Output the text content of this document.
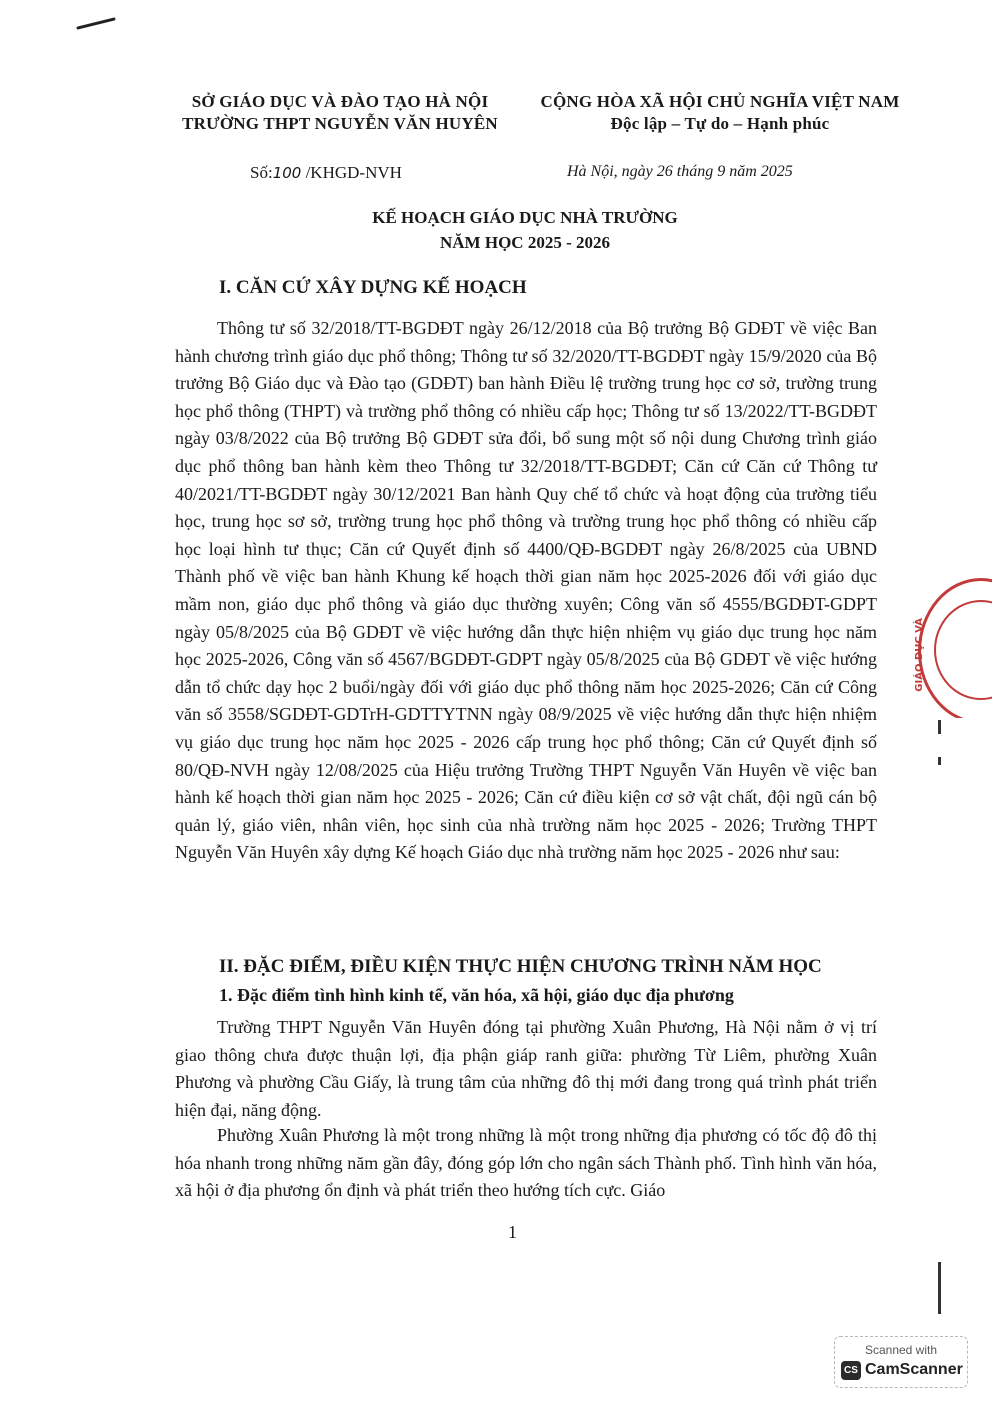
SỞ GIÁO DỤC VÀ ĐÀO TẠO HÀ NỘI
TRƯỜNG THPT NGUYỄN VĂN HUYÊN
CỘNG HÒA XÃ HỘI CHỦ NGHĨA VIỆT NAM
Độc lập – Tự do – Hạnh phúc
Số:100 /KHGD-NVH	Hà Nội, ngày 26 tháng 9 năm 2025
KẾ HOẠCH GIÁO DỤC NHÀ TRƯỜNG
NĂM HỌC 2025 - 2026
I. CĂN CỨ XÂY DỰNG KẾ HOẠCH

Thông tư số 32/2018/TT-BGDĐT ngày 26/12/2018 của Bộ trưởng Bộ GDĐT về việc Ban hành chương trình giáo dục phổ thông; Thông tư số 32/2020/TT-BGDĐT ngày 15/9/2020 của Bộ trưởng Bộ Giáo dục và Đào tạo (GDĐT) ban hành Điều lệ trường trung học cơ sở, trường trung học phổ thông (THPT) và trường phổ thông có nhiều cấp học; Thông tư số 13/2022/TT-BGDĐT ngày 03/8/2022 của Bộ trưởng Bộ GDĐT sửa đổi, bổ sung một số nội dung Chương trình giáo dục phổ thông ban hành kèm theo Thông tư 32/2018/TT-BGDĐT; Căn cứ Căn cứ Thông tư 40/2021/TT-BGDĐT ngày 30/12/2021 Ban hành Quy chế tổ chức và hoạt động của trường tiểu học, trung học sơ sở, trường trung học phổ thông và trường trung học phổ thông có nhiều cấp học loại hình tư thục; Căn cứ Quyết định số 4400/QĐ-BGDĐT ngày 26/8/2025 của UBND Thành phố về việc ban hành Khung kế hoạch thời gian năm học 2025-2026 đối với giáo dục mầm non, giáo dục phổ thông và giáo dục thường xuyên; Công văn số 4555/BGDĐT-GDPT ngày 05/8/2025 của Bộ GDĐT về việc hướng dẫn thực hiện nhiệm vụ giáo dục trung học năm học 2025-2026, Công văn số 4567/BGDĐT-GDPT ngày 05/8/2025 của Bộ GDĐT về việc hướng dẫn tổ chức dạy học 2 buổi/ngày đối với giáo dục phổ thông năm học 2025-2026; Căn cứ Công văn số 3558/SGDĐT-GDTrH-GDTTYTNN ngày 08/9/2025 về việc hướng dẫn thực hiện nhiệm vụ giáo dục trung học năm học 2025 - 2026 cấp trung học phổ thông; Căn cứ Quyết định số 80/QĐ-NVH ngày 12/08/2025 của Hiệu trưởng Trường THPT Nguyễn Văn Huyên về việc ban hành kế hoạch thời gian năm học 2025 - 2026; Căn cứ điều kiện cơ sở vật chất, đội ngũ cán bộ quản lý, giáo viên, nhân viên, học sinh của nhà trường năm học 2025 - 2026; Trường THPT Nguyễn Văn Huyên xây dựng Kế hoạch Giáo dục nhà trường năm học 2025 - 2026 như sau:

II. ĐẶC ĐIỂM, ĐIỀU KIỆN THỰC HIỆN CHƯƠNG TRÌNH NĂM HỌC
1. Đặc điểm tình hình kinh tế, văn hóa, xã hội, giáo dục địa phương

Trường THPT Nguyễn Văn Huyên đóng tại phường Xuân Phương, Hà Nội nằm ở vị trí giao thông chưa được thuận lợi, địa phận giáp ranh giữa: phường Từ Liêm, phường Xuân Phương và phường Cầu Giấy, là trung tâm của những đô thị mới đang trong quá trình phát triển hiện đại, năng động.

Phường Xuân Phương là một trong những là một trong những địa phương có tốc độ đô thị hóa nhanh trong những năm gần đây, đóng góp lớn cho ngân sách Thành phố. Tình hình văn hóa, xã hội ở địa phương ổn định và phát triển theo hướng tích cực. Giáo

1
GIÁO DỤC VÀ
Scanned with
CS CamScanner
